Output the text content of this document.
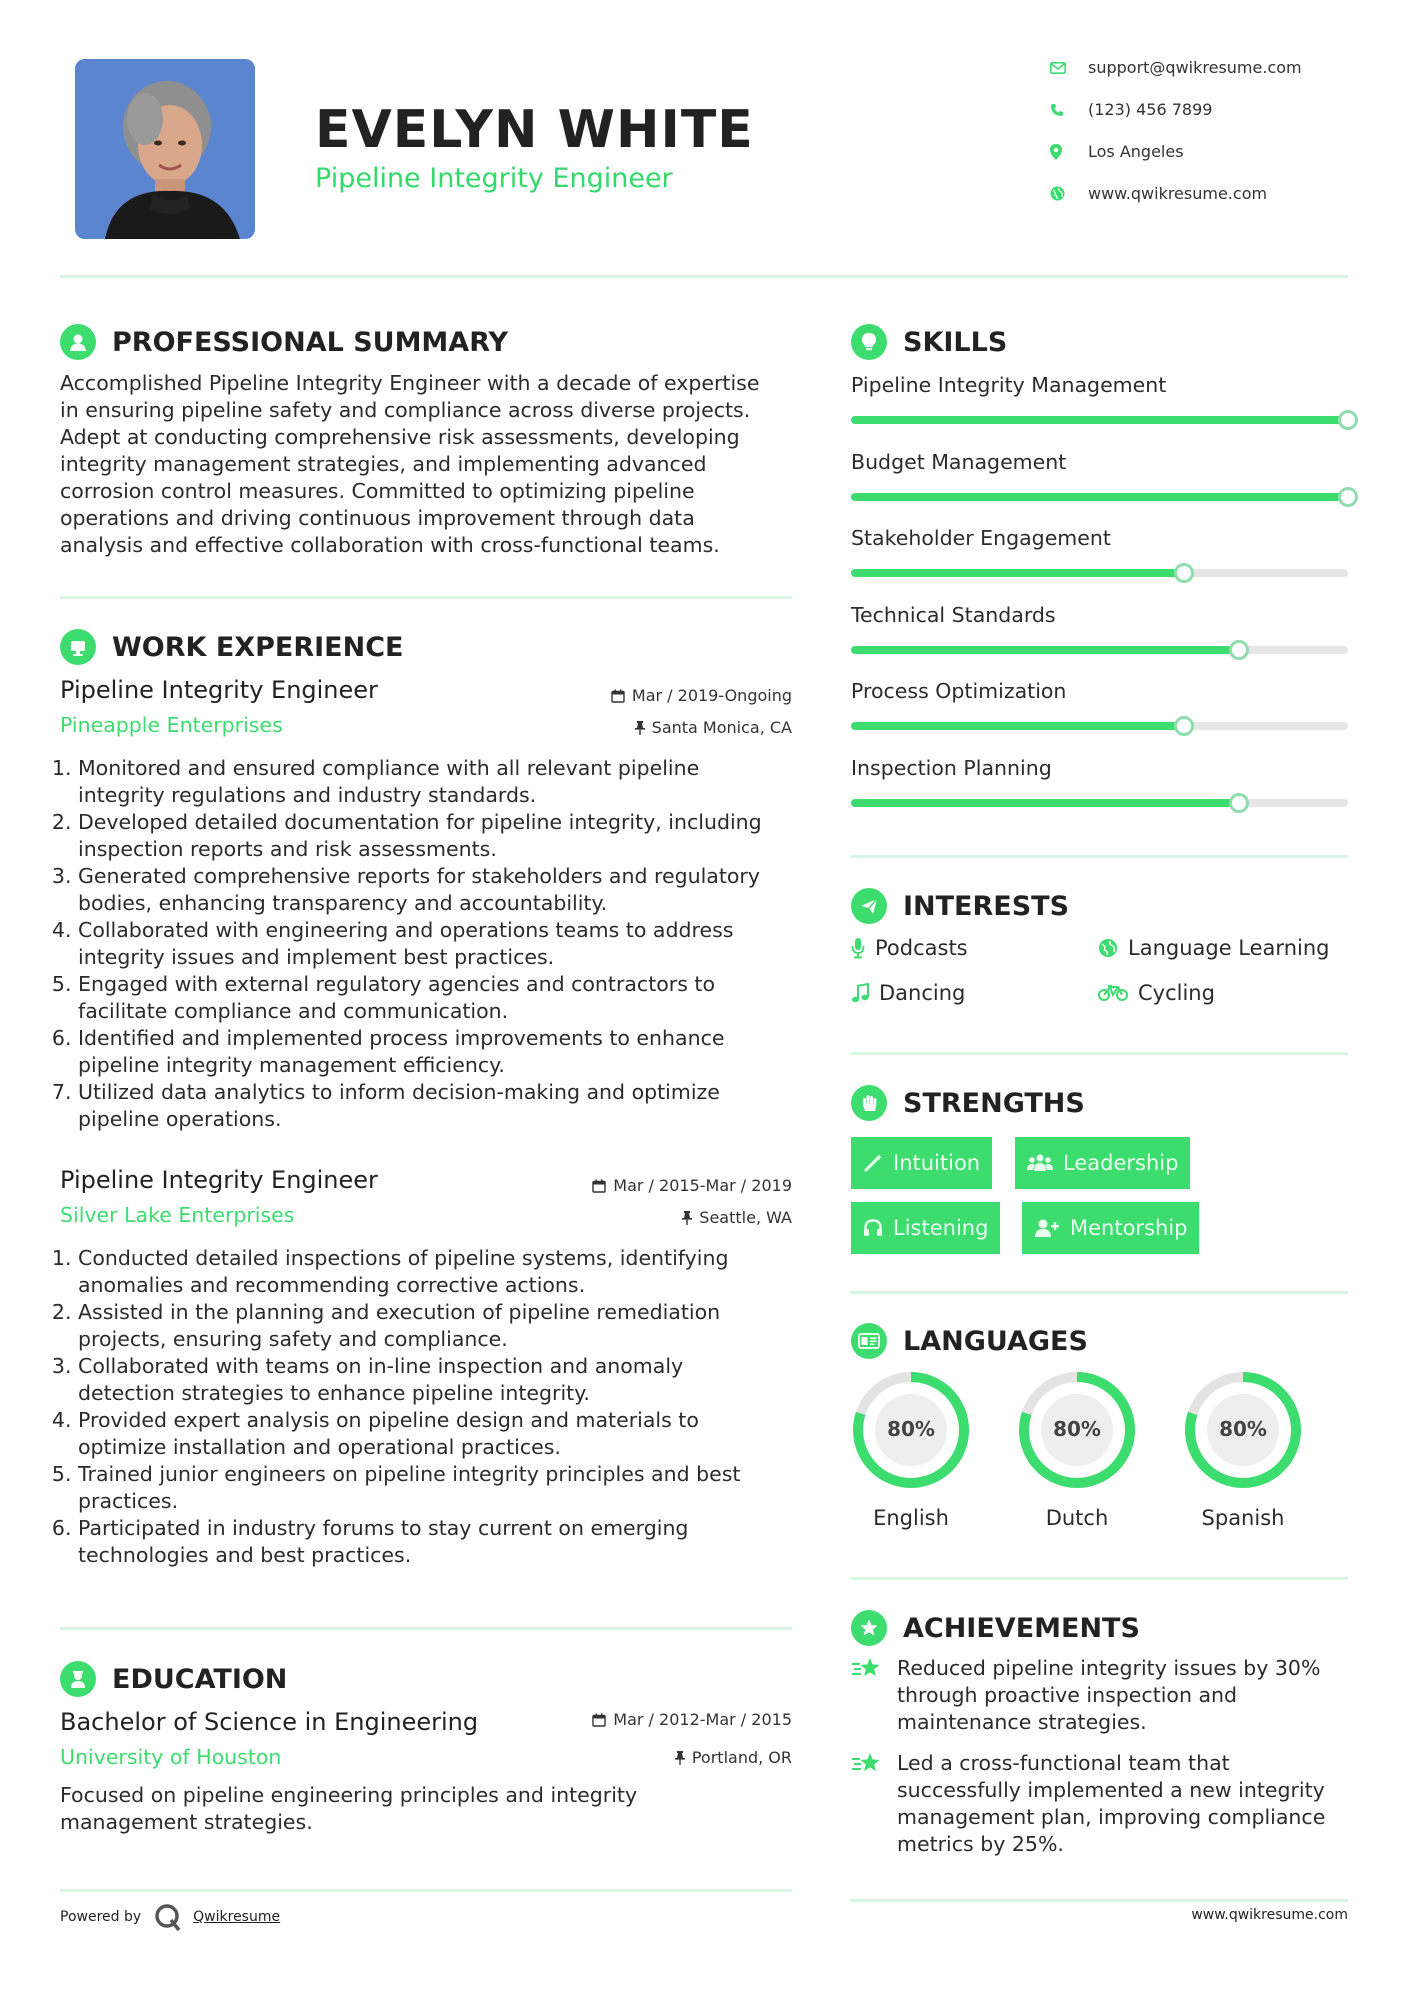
EVELYN WHITE
Pipeline Integrity Engineer
support@qwikresume.com
(123) 456 7899
Los Angeles
www.qwikresume.com
PROFESSIONAL SUMMARY
Accomplished Pipeline Integrity Engineer with a decade of expertise
in ensuring pipeline safety and compliance across diverse projects.
Adept at conducting comprehensive risk assessments, developing
integrity management strategies, and implementing advanced
corrosion control measures. Committed to optimizing pipeline
operations and driving continuous improvement through data
analysis and effective collaboration with cross-functional teams.
WORK EXPERIENCE
Pipeline Integrity Engineer	Mar / 2019-Ongoing
Pineapple Enterprises	Santa Monica, CA
1. Monitored and ensured compliance with all relevant pipeline
integrity regulations and industry standards.
2. Developed detailed documentation for pipeline integrity, including
inspection reports and risk assessments.
3. Generated comprehensive reports for stakeholders and regulatory
bodies, enhancing transparency and accountability.
4. Collaborated with engineering and operations teams to address
integrity issues and implement best practices.
5. Engaged with external regulatory agencies and contractors to
facilitate compliance and communication.
6. Identified and implemented process improvements to enhance
pipeline integrity management efficiency.
7. Utilized data analytics to inform decision-making and optimize
pipeline operations.
Pipeline Integrity Engineer	Mar / 2015-Mar / 2019
Silver Lake Enterprises	Seattle, WA
1. Conducted detailed inspections of pipeline systems, identifying
anomalies and recommending corrective actions.
2. Assisted in the planning and execution of pipeline remediation
projects, ensuring safety and compliance.
3. Collaborated with teams on in-line inspection and anomaly
detection strategies to enhance pipeline integrity.
4. Provided expert analysis on pipeline design and materials to
optimize installation and operational practices.
5. Trained junior engineers on pipeline integrity principles and best
practices.
6. Participated in industry forums to stay current on emerging
technologies and best practices.
EDUCATION
Bachelor of Science in Engineering	Mar / 2012-Mar / 2015
University of Houston	Portland, OR
Focused on pipeline engineering principles and integrity
management strategies.
Powered by	Qwikresume
SKILLS
Pipeline Integrity Management
Budget Management
Stakeholder Engagement
Technical Standards
Process Optimization
Inspection Planning
INTERESTS
Podcasts	Language Learning
Dancing	Cycling
STRENGTHS
Intuition	Leadership
Listening	Mentorship
LANGUAGES
80%
English
80%
Dutch
80%
Spanish
ACHIEVEMENTS
Reduced pipeline integrity issues by 30%
through proactive inspection and
maintenance strategies.
Led a cross-functional team that
successfully implemented a new integrity
management plan, improving compliance
metrics by 25%.
www.qwikresume.com
